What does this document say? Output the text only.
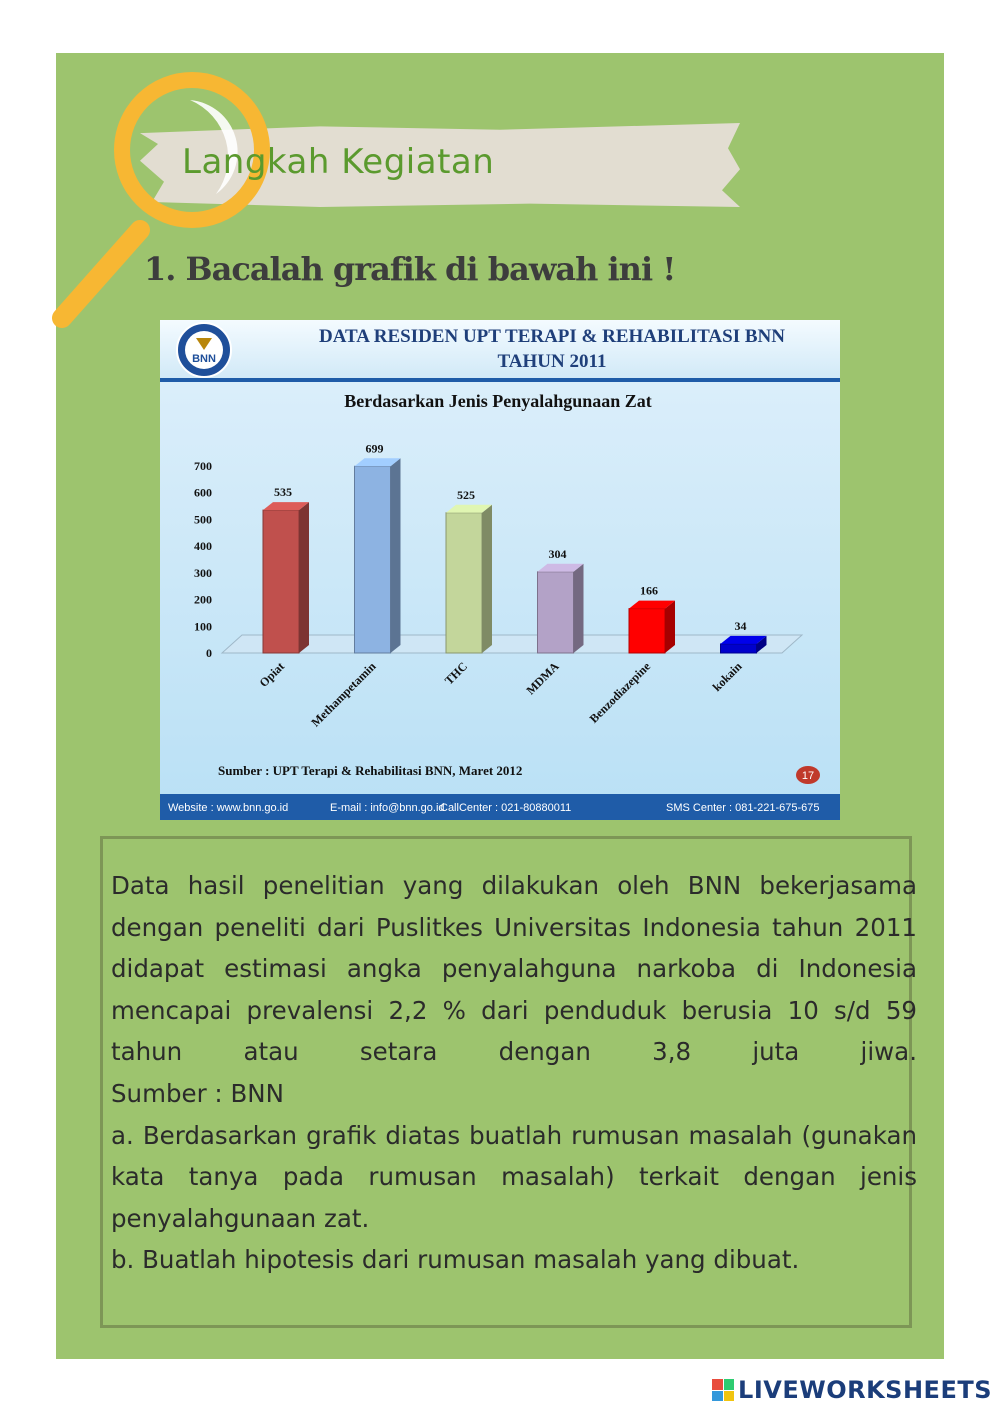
Langkah Kegiatan
1. Bacalah grafik di bawah ini !
BNN
DATA RESIDEN UPT TERAPI & REHABILITASI BNN
TAHUN 2011
Berdasarkan Jenis Penyalahgunaan Zat
0
100
200
300
400
500
600
700
535
699
525
304
166
34
Opiat Methampetamin	THC	MDMA Benzodiazepine	kokain
Sumber : UPT Terapi & Rehabilitasi BNN, Maret 2012	17
Website : www.bnn.go.id	E-mail : info@bnn.go.id
CallCenter : 021-80880011	SMS Center : 081-221-675-675

Data hasil penelitian yang dilakukan oleh BNN bekerjasama dengan peneliti dari Puslitkes Universitas Indonesia tahun 2011 didapat estimasi angka penyalahguna narkoba di Indonesia mencapai prevalensi 2,2 % dari penduduk berusia 10 s/d 59 tahun atau setara dengan 3,8 juta jiwa.

Sumber : BNN

a. Berdasarkan grafik diatas buatlah rumusan masalah (gunakan kata tanya pada rumusan masalah) terkait dengan jenis penyalahgunaan zat.

b. Buatlah hipotesis dari rumusan masalah yang dibuat.

LIVEWORKSHEETS
